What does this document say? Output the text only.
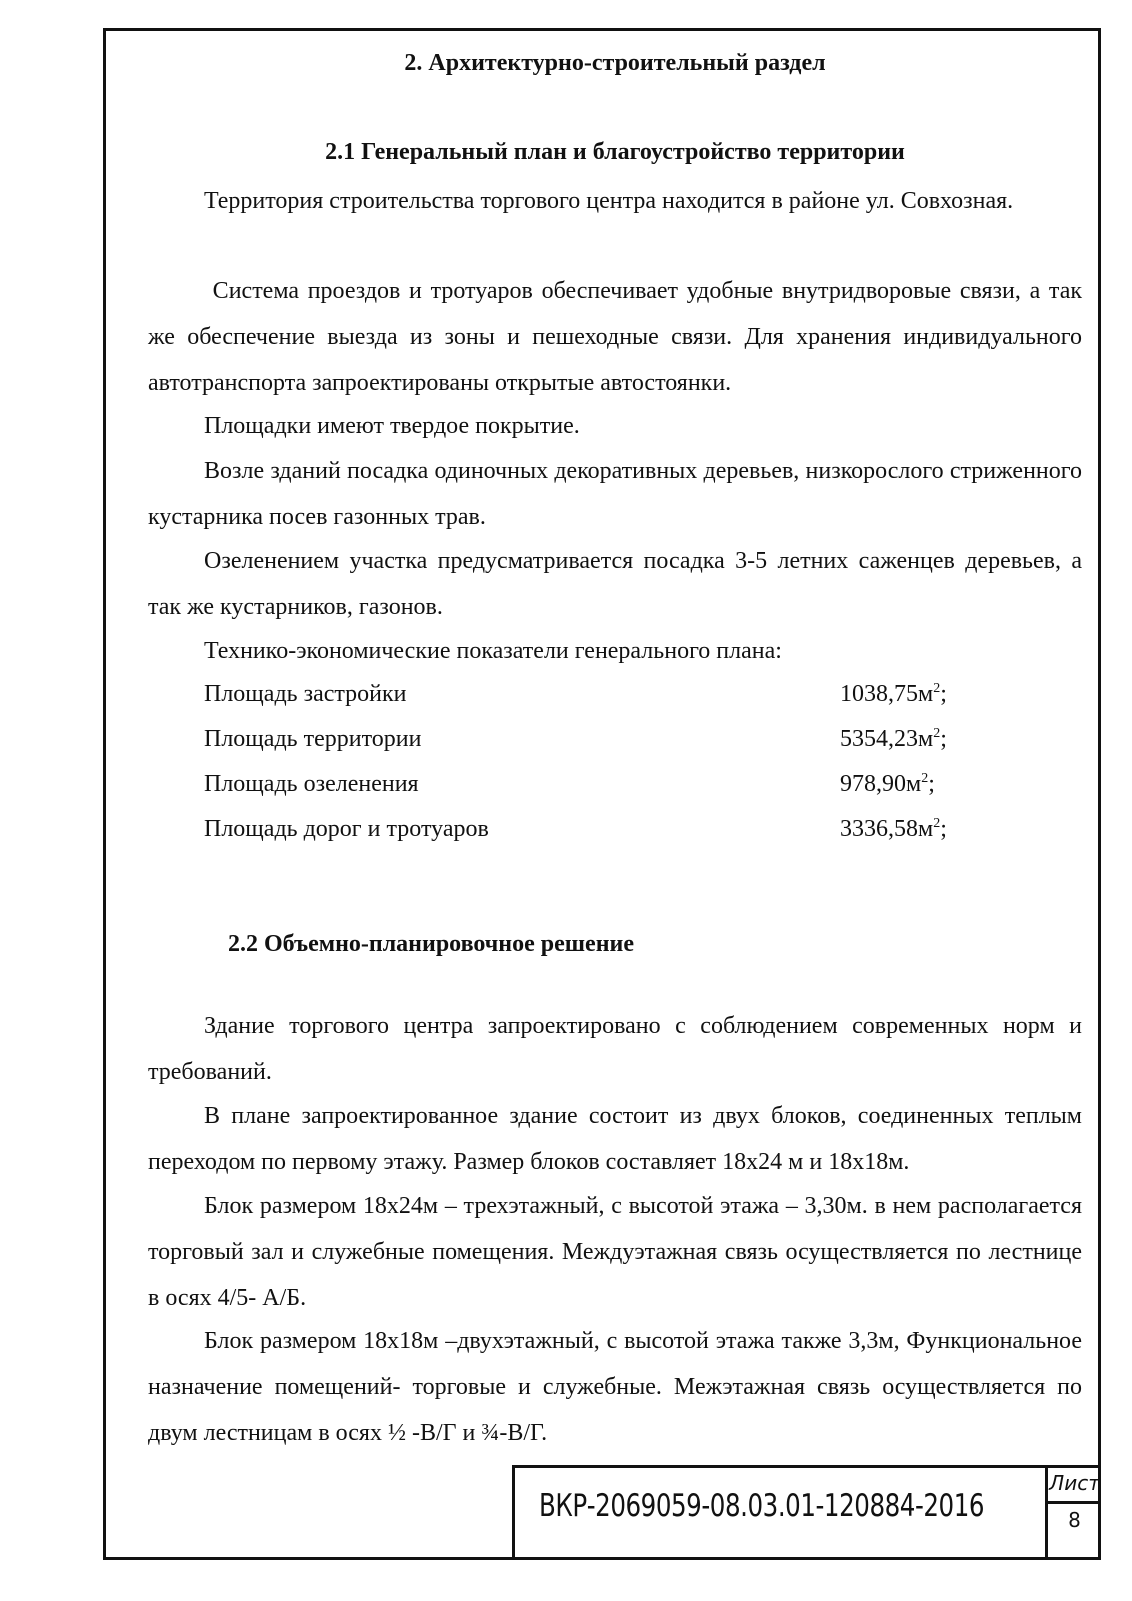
2. Архитектурно-строительный раздел
2.1 Генеральный план и благоустройство территории

Территория строительства торгового центра находится в районе ул. Совхозная.

Система проездов и тротуаров обеспечивает удобные внутридворовые связи, а так же обеспечение выезда из зоны и пешеходные связи. Для хранения индивидуального автотранспорта запроектированы открытые автостоянки.

Площадки имеют твердое покрытие.

Возле зданий посадка одиночных декоративных деревьев, низкорослого стриженного кустарника посев газонных трав.

Озеленением участка предусматривается посадка 3-5 летних саженцев деревьев, а так же кустарников, газонов.

Технико-экономические показатели генерального плана:

Площадь застройки	$1038,75м^2$;
Площадь территории	$5354,23м^2$;
Площадь озеленения	$978,90м^2$;
Площадь дорог и тротуаров	$3336,58м^2$;
2.2 Объемно-планировочное решение

Здание торгового центра запроектировано с соблюдением современных норм и требований.

В плане запроектированное здание состоит из двух блоков, соединенных теплым переходом по первому этажу. Размер блоков составляет 18х24 м и 18х18м.

Блок размером 18х24м – трехэтажный, с высотой этажа – 3,30м. в нем располагается торговый зал и служебные помещения. Междуэтажная связь осуществляется по лестнице в осях 4/5- А/Б.

Блок размером 18х18м –двухэтажный, с высотой этажа также 3,3м, Функциональное назначение помещений- торговые и служебные. Межэтажная связь осуществляется по двум лестницам в осях ½ -В/Г и ¾-В/Г.

ВКР-2069059-08.03.01-120884-2016
Лист
8
